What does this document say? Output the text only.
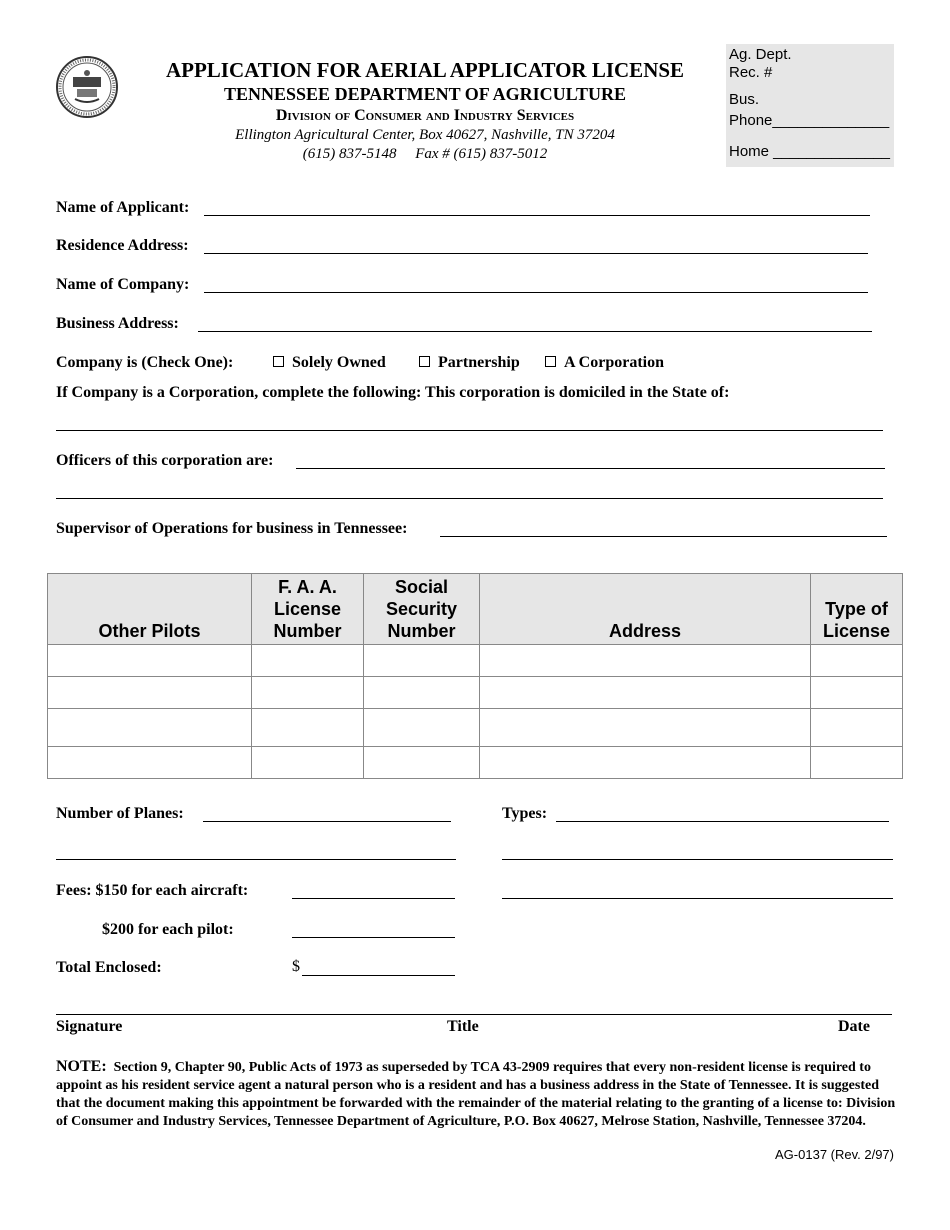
APPLICATION FOR AERIAL APPLICATOR LICENSE
TENNESSEE DEPARTMENT OF AGRICULTURE
Division of Consumer and Industry Services
Ellington Agricultural Center, Box 40627, Nashville, TN 37204
(615) 837-5148     Fax # (615) 837-5012
Ag. Dept.
Rec. #
Bus.
Phone______________
Home ______________
Name of Applicant:
Residence Address:
Name of Company:
Business Address:
Company is (Check One):	Solely Owned	Partnership	A Corporation
If Company is a Corporation, complete the following: This corporation is domiciled in the State of:
Officers of this corporation are:
Supervisor of Operations for business in Tennessee:
Other Pilots	F. A. A. License Number	Social Security Number	Address	Type of License

Number of Planes:	Types:
Fees: $150 for each aircraft:
$200 for each pilot:
Total Enclosed:	$
Signature	Title	Date
NOTE: Section 9, Chapter 90, Public Acts of 1973 as superseded by TCA 43-2909 requires that every non-resident license is required to appoint as his resident service agent a natural person who is a resident and has a business address in the State of Tennessee. It is suggested that the document making this appointment be forwarded with the remainder of the material relating to the granting of a license to: Division of Consumer and Industry Services, Tennessee Department of Agriculture, P.O. Box 40627, Melrose Station, Nashville, Tennessee 37204.
AG-0137 (Rev. 2/97)
